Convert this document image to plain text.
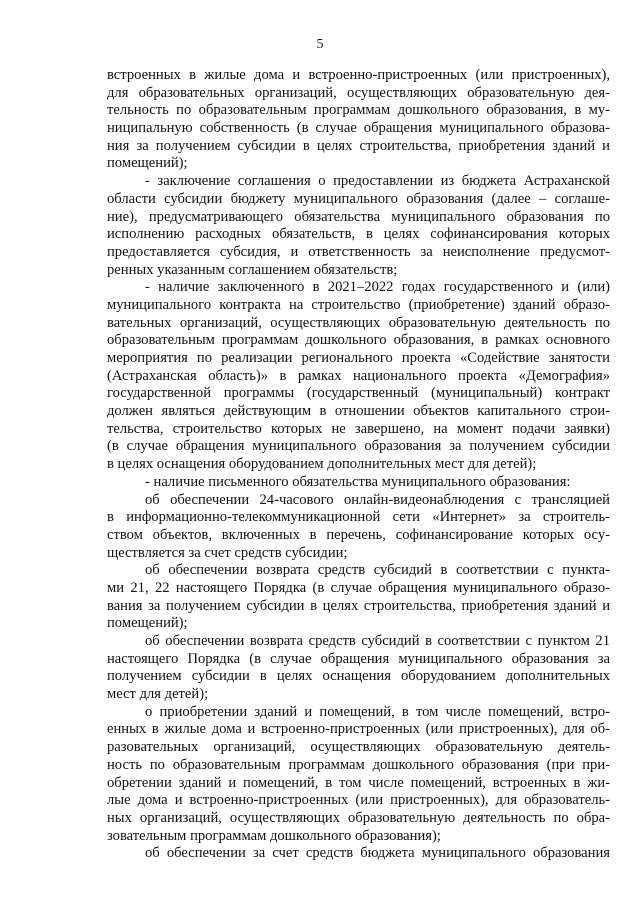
5
встроенных в жилые дома и встроенно-пристроенных (или пристроенных),
для образовательных организаций, осуществляющих образовательную дея-
тельность по образовательным программам дошкольного образования, в му-
ниципальную собственность (в случае обращения муниципального образова-
ния за получением субсидии в целях строительства, приобретения зданий и
помещений);
- заключение соглашения о предоставлении из бюджета Астраханской
области субсидии бюджету муниципального образования (далее – соглаше-
ние), предусматривающего обязательства муниципального образования по
исполнению расходных обязательств, в целях софинансирования которых
предоставляется субсидия, и ответственность за неисполнение предусмот-
ренных указанным соглашением обязательств;
- наличие заключенного в 2021–2022 годах государственного и (или)
муниципального контракта на строительство (приобретение) зданий образо-
вательных организаций, осуществляющих образовательную деятельность по
образовательным программам дошкольного образования, в рамках основного
мероприятия по реализации регионального проекта «Содействие занятости
(Астраханская область)» в рамках национального проекта «Демография»
государственной программы (государственный (муниципальный) контракт
должен являться действующим в отношении объектов капитального строи-
тельства, строительство которых не завершено, на момент подачи заявки)
(в случае обращения муниципального образования за получением субсидии
в целях оснащения оборудованием дополнительных мест для детей);
- наличие письменного обязательства муниципального образования:
об обеспечении 24-часового онлайн-видеонаблюдения с трансляцией
в информационно-телекоммуникационной сети «Интернет» за строитель-
ством объектов, включенных в перечень, софинансирование которых осу-
ществляется за счет средств субсидии;
об обеспечении возврата средств субсидий в соответствии с пункта-
ми 21, 22 настоящего Порядка (в случае обращения муниципального образо-
вания за получением субсидии в целях строительства, приобретения зданий и
помещений);
об обеспечении возврата средств субсидий в соответствии с пунктом 21
настоящего Порядка (в случае обращения муниципального образования за
получением субсидии в целях оснащения оборудованием дополнительных
мест для детей);
о приобретении зданий и помещений, в том числе помещений, встро-
енных в жилые дома и встроенно-пристроенных (или пристроенных), для об-
разовательных организаций, осуществляющих образовательную деятель-
ность по образовательным программам дошкольного образования (при при-
обретении зданий и помещений, в том числе помещений, встроенных в жи-
лые дома и встроенно-пристроенных (или пристроенных), для образователь-
ных организаций, осуществляющих образовательную деятельность по обра-
зовательным программам дошкольного образования);
об обеспечении за счет средств бюджета муниципального образования
